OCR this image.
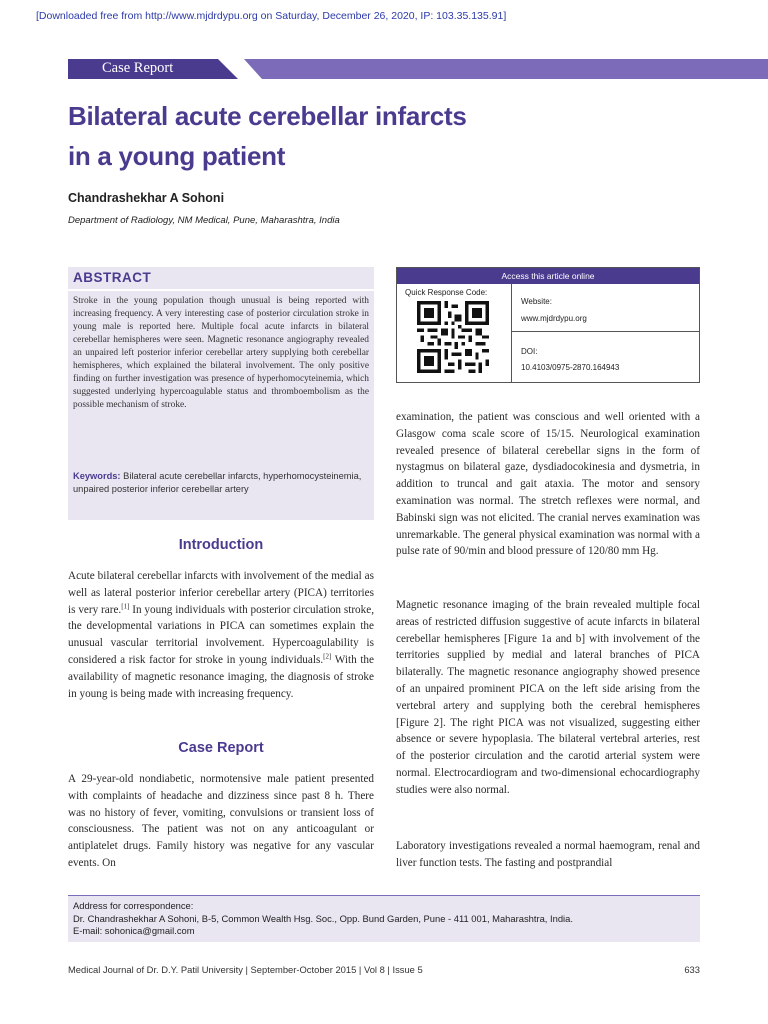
[Downloaded free from http://www.mjdrdypu.org on Saturday, December 26, 2020, IP: 103.35.135.91]
Case Report
Bilateral acute cerebellar infarcts
in a young patient
Chandrashekhar A Sohoni
Department of Radiology, NM Medical, Pune, Maharashtra, India
ABSTRACT
Stroke in the young population though unusual is being reported with increasing frequency. A very interesting case of posterior circulation stroke in young male is reported here. Multiple focal acute infarcts in bilateral cerebellar hemispheres were seen. Magnetic resonance angiography revealed an unpaired left posterior inferior cerebellar artery supplying both cerebellar hemispheres, which explained the bilateral involvement. The only positive finding on further investigation was presence of hyperhomocyteinemia, which suggested underlying hypercoagulable status and thromboembolism as the possible mechanism of stroke.
Keywords: Bilateral acute cerebellar infarcts, hyperhomocysteinemia, unpaired posterior inferior cerebellar artery
Access this article online
Quick Response Code:
Website:
www.mjdrdypu.org
DOI:
10.4103/0975-2870.164943
Introduction

Acute bilateral cerebellar infarcts with involvement of the medial as well as lateral posterior inferior cerebellar artery (PICA) territories is very rare.[1] In young individuals with posterior circulation stroke, the developmental variations in PICA can sometimes explain the unusual vascular territorial involvement. Hypercoagulability is considered a risk factor for stroke in young individuals.[2] With the availability of magnetic resonance imaging, the diagnosis of stroke in young is being made with increasing frequency.

Case Report

A 29-year-old nondiabetic, normotensive male patient presented with complaints of headache and dizziness since past 8 h. There was no history of fever, vomiting, convulsions or transient loss of consciousness. The patient was not on any anticoagulant or antiplatelet drugs. Family history was negative for any vascular events. On

examination, the patient was conscious and well oriented with a Glasgow coma scale score of 15/15. Neurological examination revealed presence of bilateral cerebellar signs in the form of nystagmus on bilateral gaze, dysdiadocokinesia and dysmetria, in addition to truncal and gait ataxia. The motor and sensory examination was normal. The stretch reflexes were normal, and Babinski sign was not elicited. The cranial nerves examination was unremarkable. The general physical examination was normal with a pulse rate of 90/min and blood pressure of 120/80 mm Hg.

Magnetic resonance imaging of the brain revealed multiple focal areas of restricted diffusion suggestive of acute infarcts in bilateral cerebellar hemispheres [Figure 1a and b] with involvement of the territories supplied by medial and lateral branches of PICA bilaterally. The magnetic resonance angiography showed presence of an unpaired prominent PICA on the left side arising from the vertebral artery and supplying both the cerebral hemispheres [Figure 2]. The right PICA was not visualized, suggesting either absence or severe hypoplasia. The bilateral vertebral arteries, rest of the posterior circulation and the carotid arterial system were normal. Electrocardiogram and two-dimensional echocardiography studies were also normal.

Laboratory investigations revealed a normal haemogram, renal and liver function tests. The fasting and postprandial

Address for correspondence:
Dr. Chandrashekhar A Sohoni, B-5, Common Wealth Hsg. Soc., Opp. Bund Garden, Pune - 411 001, Maharashtra, India.
E-mail: sohonica@gmail.com
Medical Journal of Dr. D.Y. Patil University | September-October 2015 | Vol 8 | Issue 5	633
